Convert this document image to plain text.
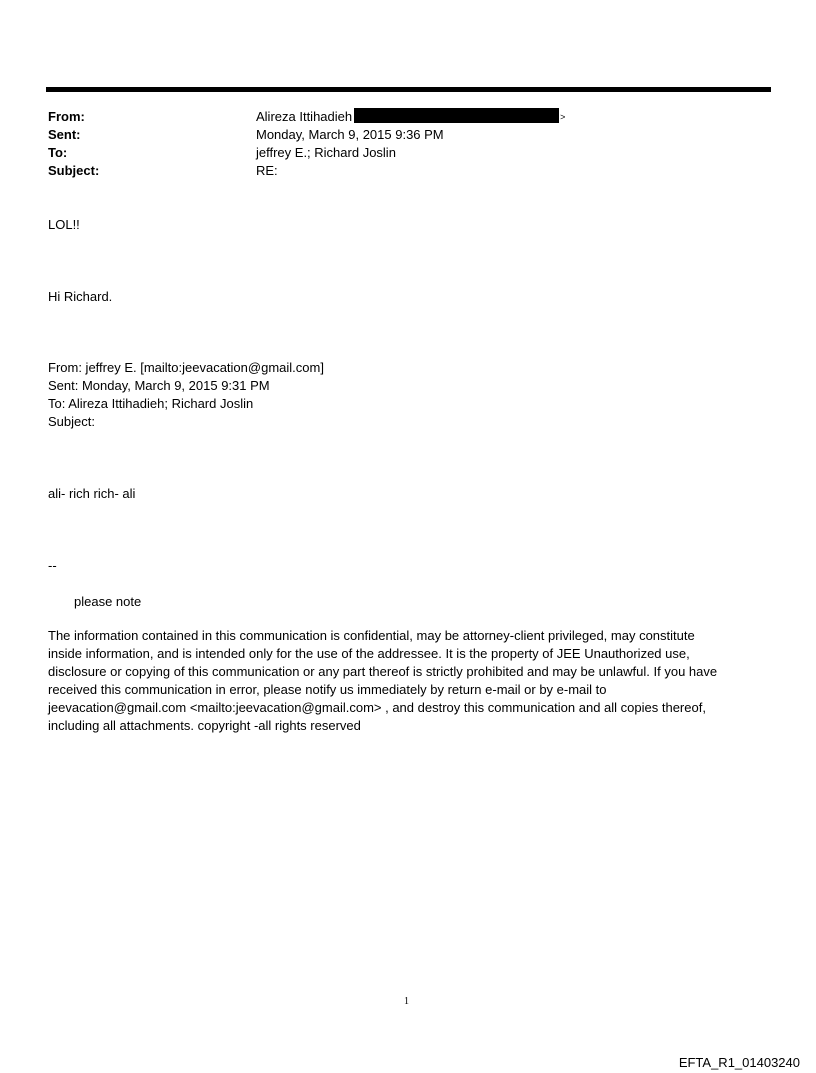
From:	Alireza Ittihadieh	>
Sent:	Monday, March 9, 2015 9:36 PM
To:	jeffrey E.; Richard Joslin
Subject:	RE:
LOL!!
Hi Richard.
From: jeffrey E. [mailto:jeevacation@gmail.com]
Sent: Monday, March 9, 2015 9:31 PM
To: Alireza Ittihadieh; Richard Joslin
Subject:
ali- rich rich- ali
--
please note
The information contained in this communication is confidential, may be attorney-client privileged, may constitute
inside information, and is intended only for the use of the addressee. It is the property of JEE Unauthorized use,
disclosure or copying of this communication or any part thereof is strictly prohibited and may be unlawful. If you have
received this communication in error, please notify us immediately by return e-mail or by e-mail to
jeevacation@gmail.com <mailto:jeevacation@gmail.com> , and destroy this communication and all copies thereof,
including all attachments. copyright -all rights reserved
1
EFTA_R1_01403240
